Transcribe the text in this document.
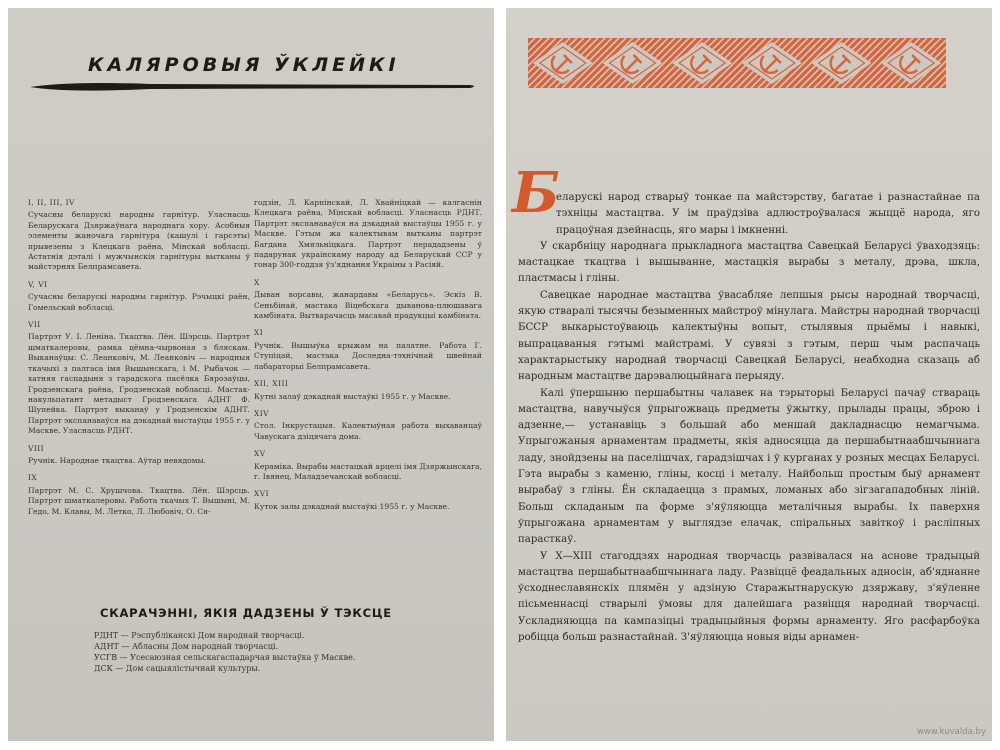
КАЛЯРОВЫЯ ЎКЛЕЙКІ
I, II, III, IV
Сучасны беларускі народны гарнітур. Уласнасць Беларускага Дзяржаўнага народнага хору. Асобныя элементы жаночага гарнітура (кашулі і гарсэты) прывезены з Клецкага раёна, Мінскай вобласці. Астатнія дэталі і мужчынскія гарнітуры вытканы ў майстэрнях Белпрамсавета.
V, VI
Сучасны беларускі народны гарнітур. Рэчыцкі раён, Гомельскай вобласці.
VII
Партрэт У. І. Леніна. Ткацтва. Лён. Шэрсць. Партрэт шматкалеровы, рамка цёмна-чырвоная з бляскам. Выканаўцы: С. Леанковіч, М. Леанковіч — народныя ткачыхі з палгаса імя Вышынскага, і М. Рыбачок — хатняя гаспадыня з гарадскога пасёлка Бярозаўцы, Гродзенскага раёна, Гродзенскай вобласці. Мастак-накульпатант метадыст Гродзенскага АДНТ Ф. Шупейка. Партрэт выканаў у Гродзенскім АДНТ. Партрэт экспанаваўся на дэкаднай выстаўцы 1955 г. у Маскве. Уласнасць РДНТ.
VIII
Ручнік. Народнае ткацтва. Аўтар невядомы.
IX
Партрэт М. С. Хрушчова. Ткацтва. Лён. Шэрсць. Партрэт шматкалеровы. Работа ткачых Т. Вышыні, М. Гедо, М. Клавы, М. Летко, Л. Любовіч, О. Ся-
годзін, Л. Карпінскай, Л. Хвайніцкай — калгаснін Клецкага раёна, Мінскай вобласці. Уласнасць РДНТ. Партрэт экспанаваўся на дэкаднай выстаўцы 1955 г. у Маскве. Гэтым жа калектывам вытканы партрэт Багдана Хмяльніцкага. Партрэт перададзены ў падарунак украінскаму народу ад Беларускай ССР у гонар 300-годдзя ўз'яднання Украіны з Расіяй.
X
Дыван ворсавы, жанардавы «Беларусь». Эскіз В. Сеньбінай, мастака Віцебскага дывановa-плюшавага камбіната. Вытвaрачасць масавай прадукцыі камбіната.
XI
Ручнік. Вышыўка крыжам на палатне. Работа Г. Ступіцай, мастака Доследна-тэхнічнай швейнай лабараторыі Белпрамсавета.
XII, XIII
Кутні залаў дэкаднай выстаўкі 1955 г. у Маскве.
XIV
Стол. Інкрустацыя. Калектыўная работа выхаванцаў Чавускага дзіцячага дома.
XV
Кераміка. Вырабы мастацкай арцелі імя Дзяржынскага, г. Івянец, Маладзечанскай вобласці.
XVI
Куток залы дэкаднай выстаўкі 1955 г. у Маскве.
СКАРАЧЭННІ, ЯКІЯ ДАДЗЕНЫ Ў ТЭКСЦЕ
РДНТ — Рэспубліканскі Дом народнай творчасці.
АДНТ — Абласны Дом народнай творчасці.
УСГВ — Усесаюзная сельскагаспадарчая выстаўка ў Маскве.
ДСК — Дом сацыялістычнай культуры.
Б

еларускі народ стварыў тонкае па майстэрству, багатае і разнастайнае па тэхніцы мастацтва. У ім праўдзіва адлюстроўвалася жыццё народа, яго працоўная дзейнасць, яго мары і імкненні.

У скарбніцу народнага прыкладнога мастацтва Савецкай Беларусі ўваходзяць: мастацкае ткацтва і вышыванне, мастацкія вырабы з металу, дрэва, шкла, пластмасы і гліны.

Савецкае народнае мастацтва ўвасабляе лепшыя рысы народнай творчасці, якую стваралі тысячы безыменных майстроў мінулага. Майстры народнай творчасці БССР выкарыстоўваюць калектыўны вопыт, стылявыя прыёмы і навыкі, выпрацаваныя гэтымі майстрамі. У сувязі з гэтым, перш чым распачаць характарыстыку народнай творчасці Савецкай Беларусі, неабходна сказаць аб народным мастацтве дарэвалюцыйнага перыяду.

Калі ўпершыню першабытны чалавек на тэрыторыі Беларусі пачаў ствараць мастацтва, навучыўся ўпрыгожваць предметы ўжытку, прылады працы, зброю і адзенне,— устанавіць з большай або меншай дакладнасцю немагчыма. Упрыгожаныя арнаментам прадметы, якія адносяцца да першабытнаабшчыннага ладу, знойдзены на паселішчах, гарадзішчах і ў курганах у розных месцах Беларусі. Гэта вырабы з каменю, гліны, косці і металу. Найбольш простым быў арнамент вырабаў з гліны. Ён складаецца з прамых, ломаных або зігзагападобных ліній. Больш складаным па форме з'яўляюцца металічныя вырабы. Іх паверхня ўпрыгожана арнаментам у выглядзе елачак, спіральных завіткоў і расліпных парасткаў.

У Х—XIII стагоддзях народная творчасць развівалася на аснове традыцый мастацтва першабытнаабшчыннага ладу. Развіццё феадальных адносін, аб'яднанне ўсходнеславянскіх плямён у адзіную Старажытнарускую дзяржаву, з'яўленне пісьменнасці стварылі ўмовы для далейшага развіцця народнай творчасці. Ускладняюцца па кампазіцыі традыцыйныя формы арнаменту. Яго расфарбоўка робіцца больш разнастайнай. З'яўляюцца новыя віды арнамен-

www.kuvalda.by
